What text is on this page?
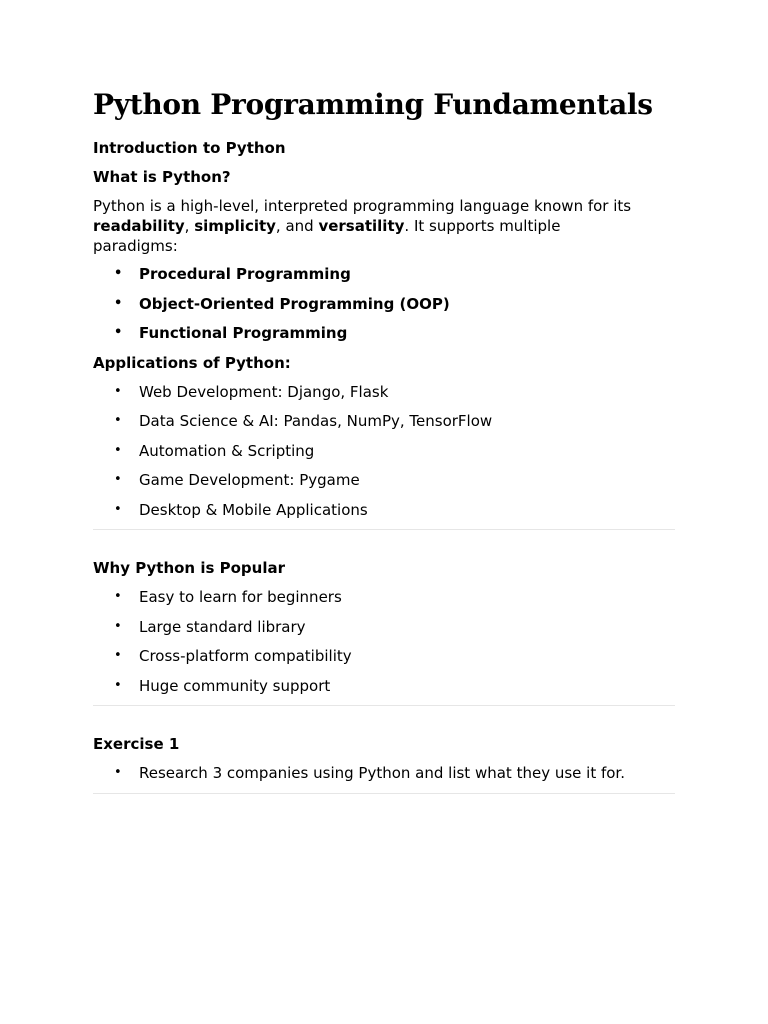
Python Programming Fundamentals
Introduction to Python
What is Python?
Python is a high-level, interpreted programming language known for its readability, simplicity, and versatility. It supports multiple paradigms:
• Procedural Programming
• Object-Oriented Programming (OOP)
• Functional Programming
Applications of Python:
• Web Development: Django, Flask
• Data Science & AI: Pandas, NumPy, TensorFlow
• Automation & Scripting
• Game Development: Pygame
• Desktop & Mobile Applications
Why Python is Popular
• Easy to learn for beginners
• Large standard library
• Cross-platform compatibility
• Huge community support
Exercise 1
• Research 3 companies using Python and list what they use it for.
